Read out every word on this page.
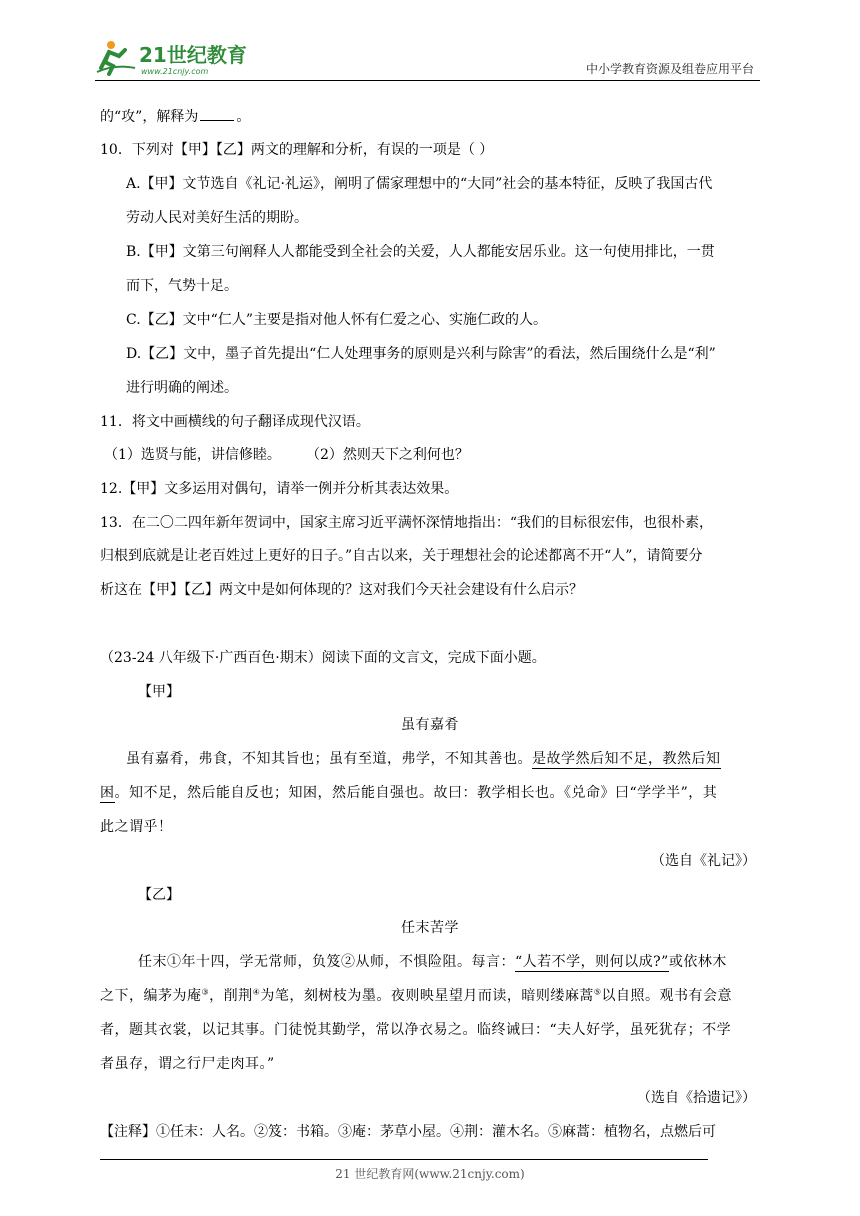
21世纪教育
www.21cnjy.com	中小学教育资源及组卷应用平台
的“攻”，解释为	。
10．下列对【甲】【乙】两文的理解和分析，有误的一项是（ ）
A.【甲】文节选自《礼记·礼运》，阐明了儒家理想中的“大同”社会的基本特征，反映了我国古代
劳动人民对美好生活的期盼。
B.【甲】文第三句阐释人人都能受到全社会的关爱，人人都能安居乐业。这一句使用排比，一贯
而下，气势十足。
C.【乙】文中“仁人”主要是指对他人怀有仁爱之心、实施仁政的人。
D.【乙】文中，墨子首先提出“仁人处理事务的原则是兴利与除害”的看法，然后围绕什么是“利”
进行明确的阐述。
11．将文中画横线的句子翻译成现代汉语。
（1）选贤与能，讲信修睦。 （2）然则天下之利何也？
12.【甲】文多运用对偶句，请举一例并分析其表达效果。
13．在二〇二四年新年贺词中，国家主席习近平满怀深情地指出：“我们的目标很宏伟，也很朴素，
归根到底就是让老百姓过上更好的日子。”自古以来，关于理想社会的论述都离不开“人”，请简要分
析这在【甲】【乙】两文中是如何体现的？这对我们今天社会建设有什么启示？
（23-24 八年级下·广西百色·期末）阅读下面的文言文，完成下面小题。
【甲】
虽有嘉肴
虽有嘉肴，弗食，不知其旨也；虽有至道，弗学，不知其善也。是故学然后知不足，教然后知
困。知不足，然后能自反也；知困，然后能自强也。故曰：教学相长也。《兑命》曰“学学半”，其
此之谓乎！
（选自《礼记》）
【乙】
任末苦学
任末①年十四，学无常师，负笈②从师，不惧险阻。每言：“人若不学，则何以成?”或依林木
之下，编茅为庵③，削荆④为笔，刻树枝为墨。夜则映星望月而读，暗则缕麻蒿⑤以自照。观书有会意
者，题其衣裳，以记其事。门徒悦其勤学，常以净衣易之。临终诫曰：“夫人好学，虽死犹存；不学
者虽存，谓之行尸走肉耳。”
（选自《拾遗记》）
【注释】①任末：人名。②笈：书箱。③庵：茅草小屋。④荆：灌木名。⑤麻蒿：植物名，点燃后可
21 世纪教育网(www.21cnjy.com)
